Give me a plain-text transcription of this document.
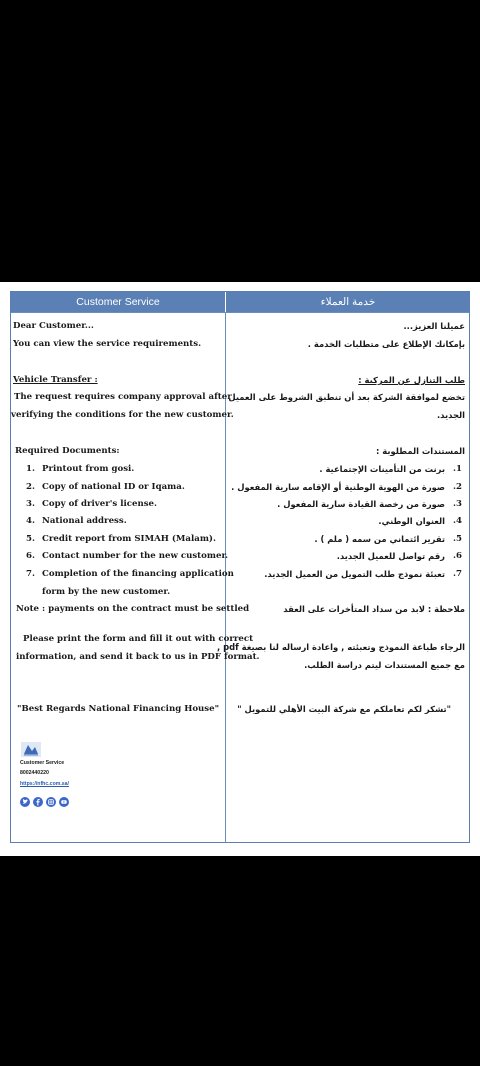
Customer Service	خدمة العملاء
Dear Customer...
You can view the service requirements.
Vehicle Transfer :
The request requires company approval after
verifying the conditions for the new customer.
Required Documents:
1. Printout from gosi.
2. Copy of national ID or Iqama.
3. Copy of driver's license.
4. National address.
5. Credit report from SIMAH (Malam).
6. Contact number for the new customer.
7. Completion of the financing application
form by the new customer.
Note : payments on the contract must be settled
Please print the form and fill it out with correct
information, and send it back to us in PDF format.
"Best Regards National Financing House"
Customer Service
8002440220
https://nfhc.com.sa/
عميلنا العزيز...
بإمكانك الإطلاع على متطلبات الخدمة .
طلب التنازل عن المركبة :
تخضع لموافقة الشركة بعد أن تنطبق الشروط على العميل
الجديد.
المستندات المطلوبة :
.1
برنت من التأمينات الإجتماعية .
.2
صورة من الهوية الوطنية أو الإقامه سارية المفعول .
.3
صورة من رخصة القيادة سارية المفعول .
.4
العنوان الوطني.
.5
تقرير ائتماني من سمه ( ملم ) .
.6
رقم تواصل للعميل الجديد.
.7
تعبئة نموذج طلب التمويل من العميل الجديد.
ملاحظة : لابد من سداد المتأخرات على العقد
الرجاء طباعة النموذج وتعبئته , واعادة ارساله لنا بصيغة pdf ,
مع جميع المستندات ليتم دراسة الطلب.
"تشكر لكم تعاملكم مع شركة البيت الأهلي للتمويل "
